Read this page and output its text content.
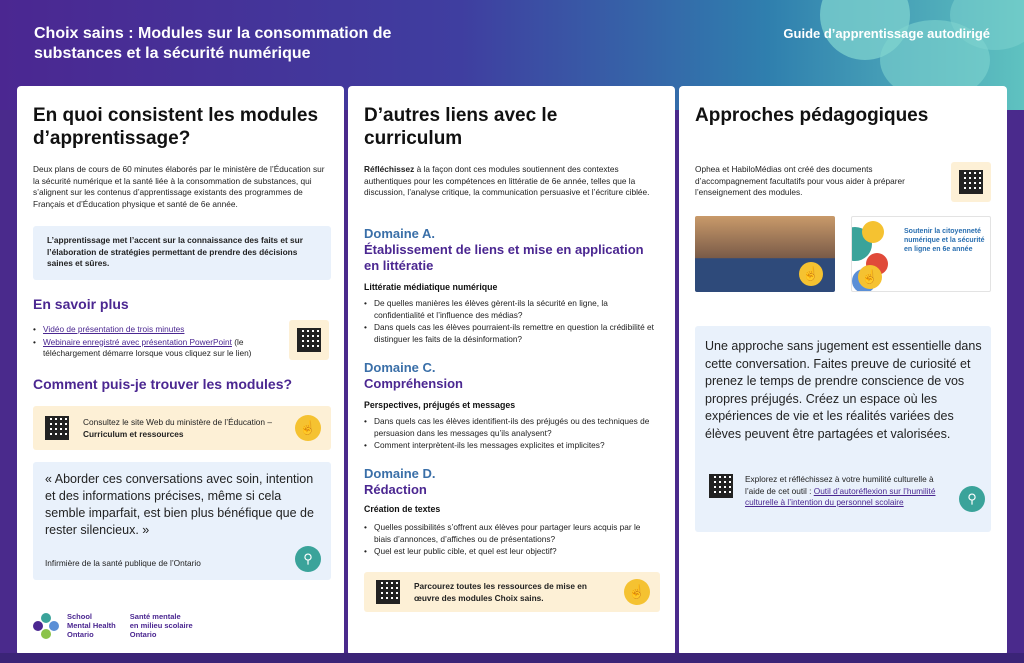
Choix sains : Modules sur la consommation de substances et la sécurité numérique
Guide d’apprentissage autodirigé
En quoi consistent les modules d’apprentissage?
Deux plans de cours de 60 minutes élaborés par le ministère de l’Éducation sur la sécurité numérique et la santé liée à la consommation de substances, qui s’alignent sur les contenus d’apprentissage existants des programmes de Français et d’Éducation physique et santé de 6e année.
L’apprentissage met l’accent sur la connaissance des faits et sur l’élaboration de stratégies permettant de prendre des décisions saines et sûres.
En savoir plus
• Vidéo de présentation de trois minutes
• Webinaire enregistré avec présentation PowerPoint (le téléchargement démarre lorsque vous cliquez sur le lien)
Comment puis-je trouver les modules?
Consultez le site Web du ministère de l’Éducation – Curriculum et ressources	☝
« Aborder ces conversations avec soin, intention et des informations précises, même si cela semble imparfait, est bien plus bénéfique que de rester silencieux. »
Infirmière de la santé publique de l’Ontario	⚲
School
Mental Health
Ontario
Santé mentale
en milieu scolaire
Ontario
D’autres liens avec le curriculum
Réfléchissez à la façon dont ces modules soutiennent des contextes authentiques pour les compétences en littératie de 6e année, telles que la discussion, l’analyse critique, la communication persuasive et l’écriture ciblée.
Domaine A.
Établissement de liens et mise en application en littératie
Littératie médiatique numérique
• De quelles manières les élèves gèrent-ils la sécurité en ligne, la confidentialité et l’influence des médias?
• Dans quels cas les élèves pourraient-ils remettre en question la crédibilité et distinguer les faits de la désinformation?
Domaine C.
Compréhension
Perspectives, préjugés et messages
• Dans quels cas les élèves identifient-ils des préjugés ou des techniques de persuasion dans les messages qu’ils analysent?
• Comment interprètent-ils les messages explicites et implicites?
Domaine D.
Rédaction
Création de textes
• Quelles possibilités s’offrent aux élèves pour partager leurs acquis par le biais d’annonces, d’affiches ou de présentations?
• Quel est leur public cible, et quel est leur objectif?
Parcourez toutes les ressources de mise en œuvre des modules Choix sains.	☝
Approches pédagogiques
Ophea et HabiloMédias ont créé des documents d’accompagnement facultatifs pour vous aider à préparer l’enseignement des modules.
☝
Soutenir la citoyenneté numérique et la sécurité en ligne en 6e année
☝
Une approche sans jugement est essentielle dans cette conversation. Faites preuve de curiosité et prenez le temps de prendre conscience de vos propres préjugés. Créez un espace où les expériences de vie et les réalités variées des élèves peuvent être partagées et valorisées.
Explorez et réfléchissez à votre humilité culturelle à l’aide de cet outil : Outil d’autoréflexion sur l’humilité culturelle à l’intention du personnel scolaire	⚲
